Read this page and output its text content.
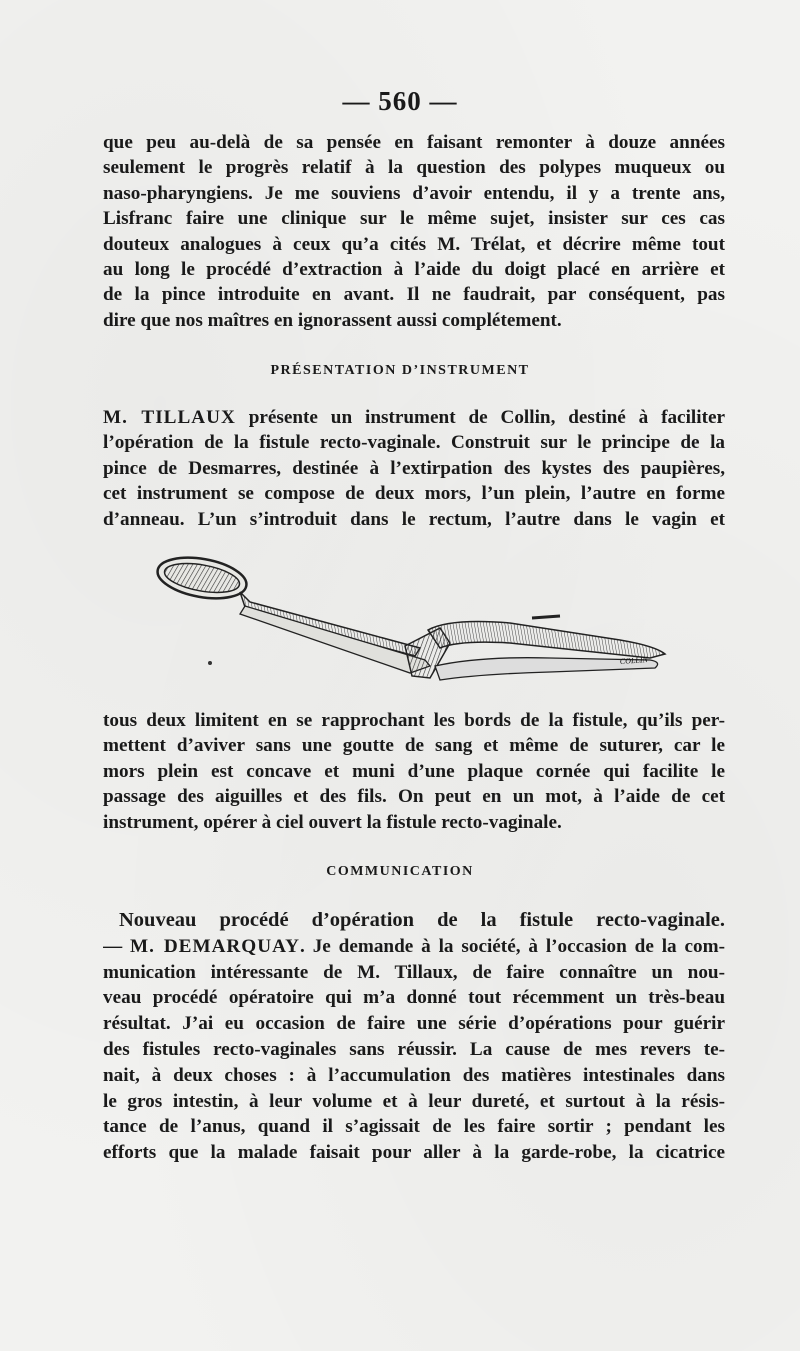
— 560 —
que peu au-delà de sa pensée en faisant remonter à douze années
seulement le progrès relatif à la question des polypes muqueux ou
naso-pharyngiens. Je me souviens d’avoir entendu, il y a trente ans,
Lisfranc faire une clinique sur le même sujet, insister sur ces cas
douteux analogues à ceux qu’a cités M. Trélat, et décrire même tout
au long le procédé d’extraction à l’aide du doigt placé en arrière et
de la pince introduite en avant. Il ne faudrait, par conséquent, pas
dire que nos maîtres en ignorassent aussi complétement.
PRÉSENTATION D’INSTRUMENT
M. TILLAUX présente un instrument de Collin, destiné à faciliter
l’opération de la fistule recto-vaginale. Construit sur le principe de la
pince de Desmarres, destinée à l’extirpation des kystes des paupières,
cet instrument se compose de deux mors, l’un plein, l’autre en forme
d’anneau. L’un s’introduit dans le rectum, l’autre dans le vagin et
COLLIN
tous deux limitent en se rapprochant les bords de la fistule, qu’ils per-
mettent d’aviver sans une goutte de sang et même de suturer, car le
mors plein est concave et muni d’une plaque cornée qui facilite le
passage des aiguilles et des fils. On peut en un mot, à l’aide de cet
instrument, opérer à ciel ouvert la fistule recto-vaginale.
COMMUNICATION
Nouveau procédé d’opération de la fistule recto-vaginale.
— M. DEMARQUAY. Je demande à la société, à l’occasion de la com-
munication intéressante de M. Tillaux, de faire connaître un nou-
veau procédé opératoire qui m’a donné tout récemment un très-beau
résultat. J’ai eu occasion de faire une série d’opérations pour guérir
des fistules recto-vaginales sans réussir. La cause de mes revers te-
nait, à deux choses : à l’accumulation des matières intestinales dans
le gros intestin, à leur volume et à leur dureté, et surtout à la résis-
tance de l’anus, quand il s’agissait de les faire sortir ; pendant les
efforts que la malade faisait pour aller à la garde-robe, la cicatrice
